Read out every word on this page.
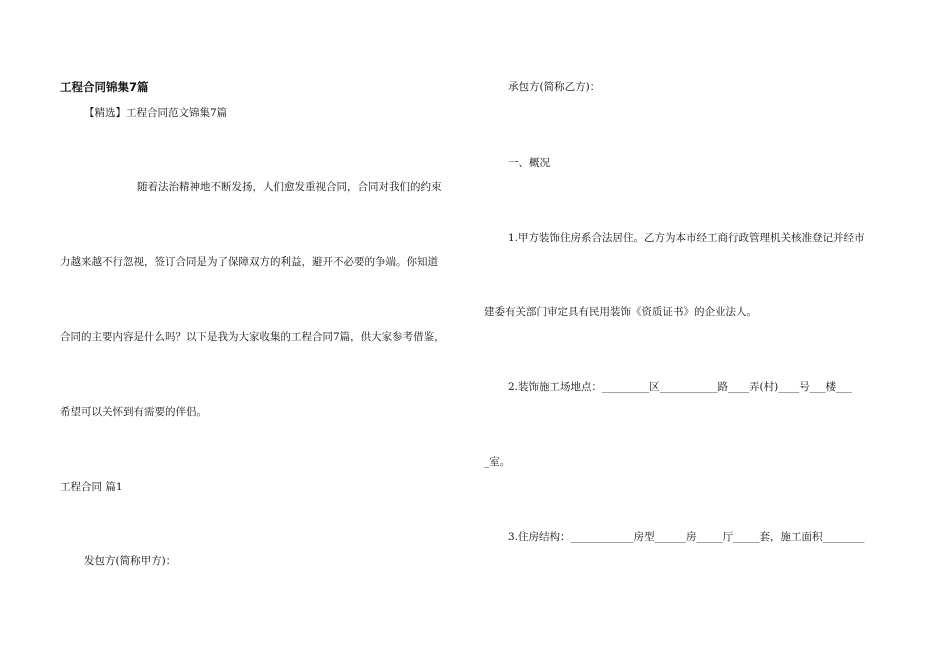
工程合同锦集7篇
【精选】工程合同范文锦集7篇
随着法治精神地不断发扬，人们愈发重视合同，合同对我们的约束
力越来越不行忽视，签订合同是为了保障双方的利益，避开不必要的争端。你知道
合同的主要内容是什么吗？以下是我为大家收集的工程合同7篇，供大家参考借鉴，
希望可以关怀到有需要的伴侣。
工程合同 篇1
发包方(简称甲方)：
承包方(简称乙方)：
一、概况
1.甲方装饰住房系合法居住。乙方为本市经工商行政管理机关核准登记并经市
建委有关部门审定具有民用装饰《资质证书》的企业法人。
2.装饰施工场地点：_________区___________路____弄(村)____号___楼___
_室。
3.住房结构：____________房型______房_____厅_____套，施工面积________
